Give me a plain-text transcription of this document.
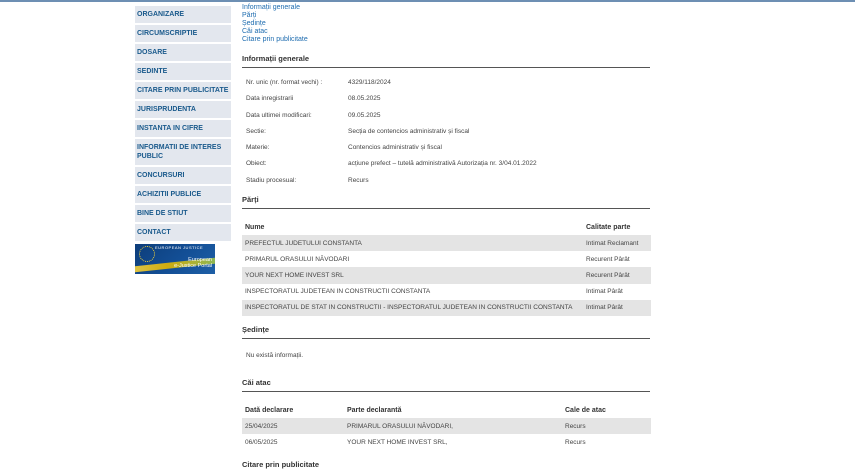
ORGANIZARE
CIRCUMSCRIPTIE
DOSARE
SEDINTE
CITARE PRIN PUBLICITATE
JURISPRUDENTA
INSTANTA IN CIFRE
INFORMATII DE INTERES PUBLIC
CONCURSURI
ACHIZITII PUBLICE
BINE DE STIUT
CONTACT
EUROPEAN JUSTICE
European
e-Justice Portal
Informații generale
Părți
Ședințe
Căi atac
Citare prin publicitate
Informații generale
Nr. unic (nr. format vechi) :	4329/118/2024
Data inregistrarii	08.05.2025
Data ultimei modificari:	09.05.2025
Sectie:	Secția de contencios administrativ și fiscal
Materie:	Contencios administrativ și fiscal
Obiect:	acțiune prefect – tutelă administrativă Autorizația nr. 3/04.01.2022
Stadiu procesual:	Recurs
Părți
Nume	Calitate parte
PREFECTUL JUDETULUI CONSTANTA	Intimat Reclamant
PRIMARUL ORASULUI NĂVODARI	Recurent Pârât
YOUR NEXT HOME INVEST SRL	Recurent Pârât
INSPECTORATUL JUDETEAN IN CONSTRUCTII CONSTANTA	Intimat Pârât
INSPECTORATUL DE STAT IN CONSTRUCTII - INSPECTORATUL JUDETEAN IN CONSTRUCTII CONSTANTA	Intimat Pârât
Ședințe
Nu există informații.
Căi atac
Dată declarare	Parte declarantă	Cale de atac
25/04/2025	PRIMARUL ORASULUI NĂVODARI,	Recurs
06/05/2025	YOUR NEXT HOME INVEST SRL,	Recurs
Citare prin publicitate
